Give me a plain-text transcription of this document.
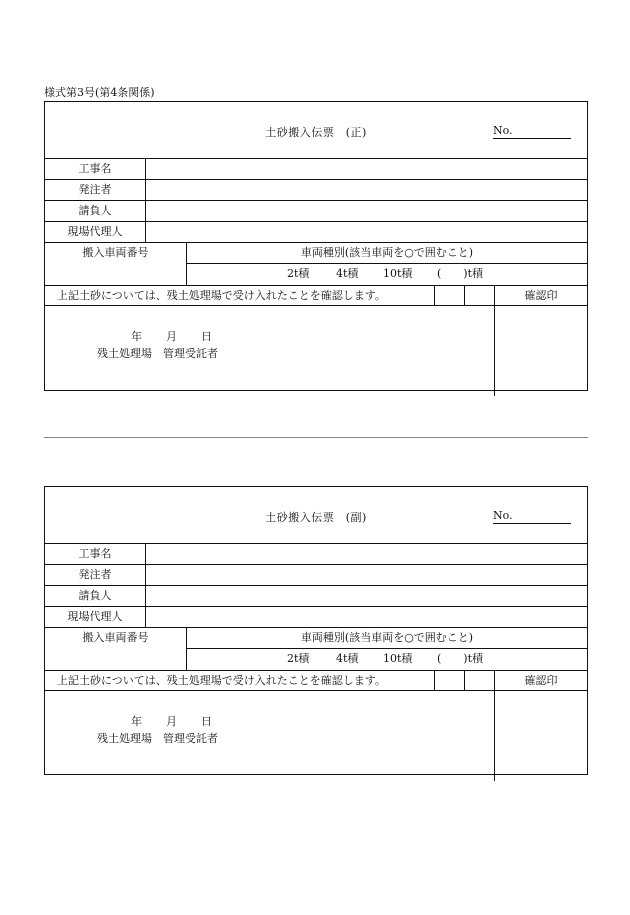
様式第3号(第4条関係)
土砂搬入伝票　(正)	No.
工事名
発注者
請負人
現場代理人
搬入車両番号	車両種別(該当車両を○で囲むこと)
2t積 4t積 10t積 (　　)t積
上記土砂については、残土処理場で受け入れたことを確認します。	確認印
年 月 日
残土処理場　管理受託者
土砂搬入伝票　(副)	No.
工事名
発注者
請負人
現場代理人
搬入車両番号	車両種別(該当車両を○で囲むこと)
2t積 4t積 10t積 (　　)t積
上記土砂については、残土処理場で受け入れたことを確認します。	確認印
年 月 日
残土処理場　管理受託者
